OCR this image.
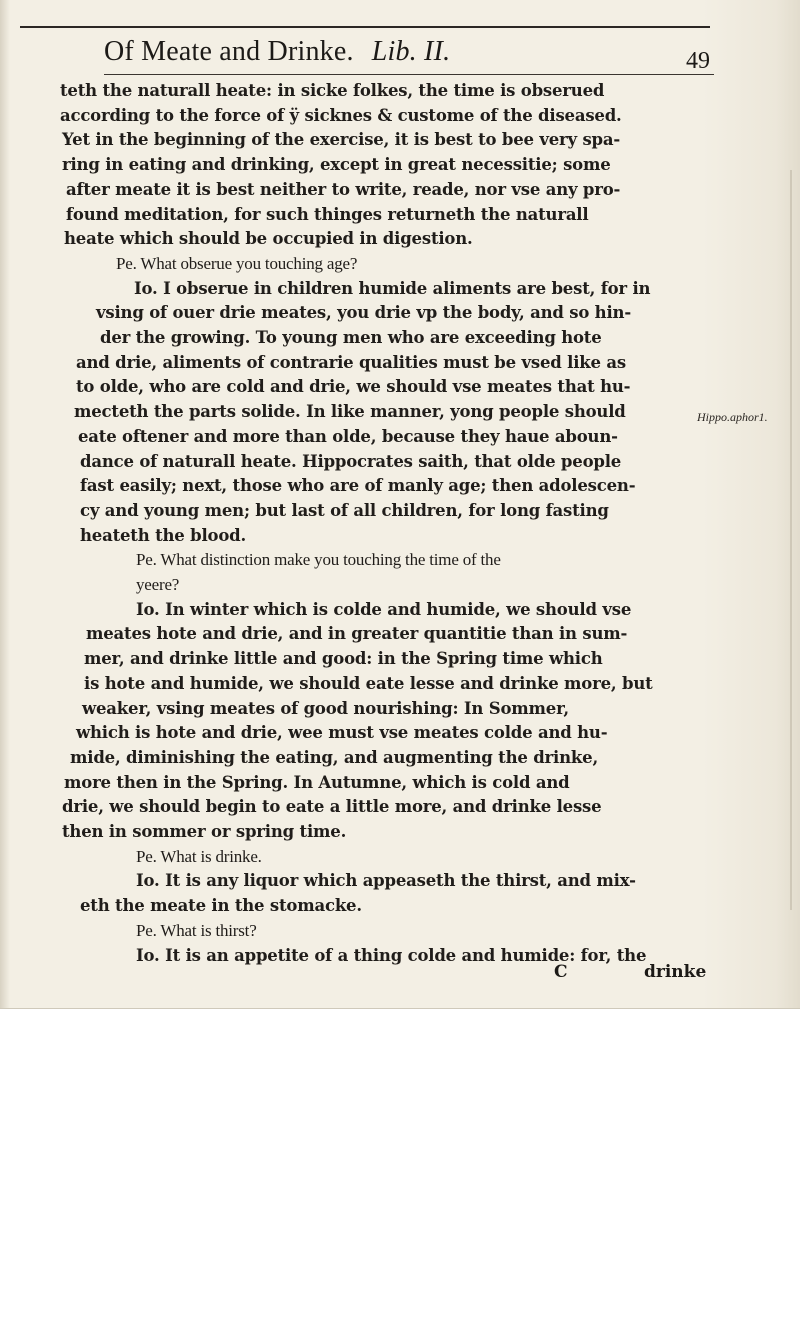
Of Meate and Drinke. Lib. II.	49
Hippo.aphor1.
teth the naturall heate: in sicke folkes, the time is obserued
according to the force of ÿ sicknes & custome of the diseased.
Yet in the beginning of the exercise, it is best to bee very spa-
ring in eating and drinking, except in great necessitie; some
after meate it is best neither to write, reade, nor vse any pro-
found meditation, for such thinges returneth the naturall
heate which should be occupied in digestion.
Pe. What obserue you touching age?
Io. I obserue in children humide aliments are best, for in
vsing of ouer drie meates, you drie vp the body, and so hin-
der the growing. To young men who are exceeding hote
and drie, aliments of contrarie qualities must be vsed like as
to olde, who are cold and drie, we should vse meates that hu-
mecteth the parts solide. In like manner, yong people should
eate oftener and more than olde, because they haue aboun-
dance of naturall heate. Hippocrates saith, that olde people
fast easily; next, those who are of manly age; then adolescen-
cy and young men; but last of all children, for long fasting
heateth the blood.
Pe. What distinction make you touching the time of the
yeere?
Io. In winter which is colde and humide, we should vse
meates hote and drie, and in greater quantitie than in sum-
mer, and drinke little and good: in the Spring time which
is hote and humide, we should eate lesse and drinke more, but
weaker, vsing meates of good nourishing: In Sommer,
which is hote and drie, wee must vse meates colde and hu-
mide, diminishing the eating, and augmenting the drinke,
more then in the Spring. In Autumne, which is cold and
drie, we should begin to eate a little more, and drinke lesse
then in sommer or spring time.
Pe. What is drinke.
Io. It is any liquor which appeaseth the thirst, and mix-
eth the meate in the stomacke.
Pe. What is thirst?
Io. It is an appetite of a thing colde and humide: for, the
C	drinke
